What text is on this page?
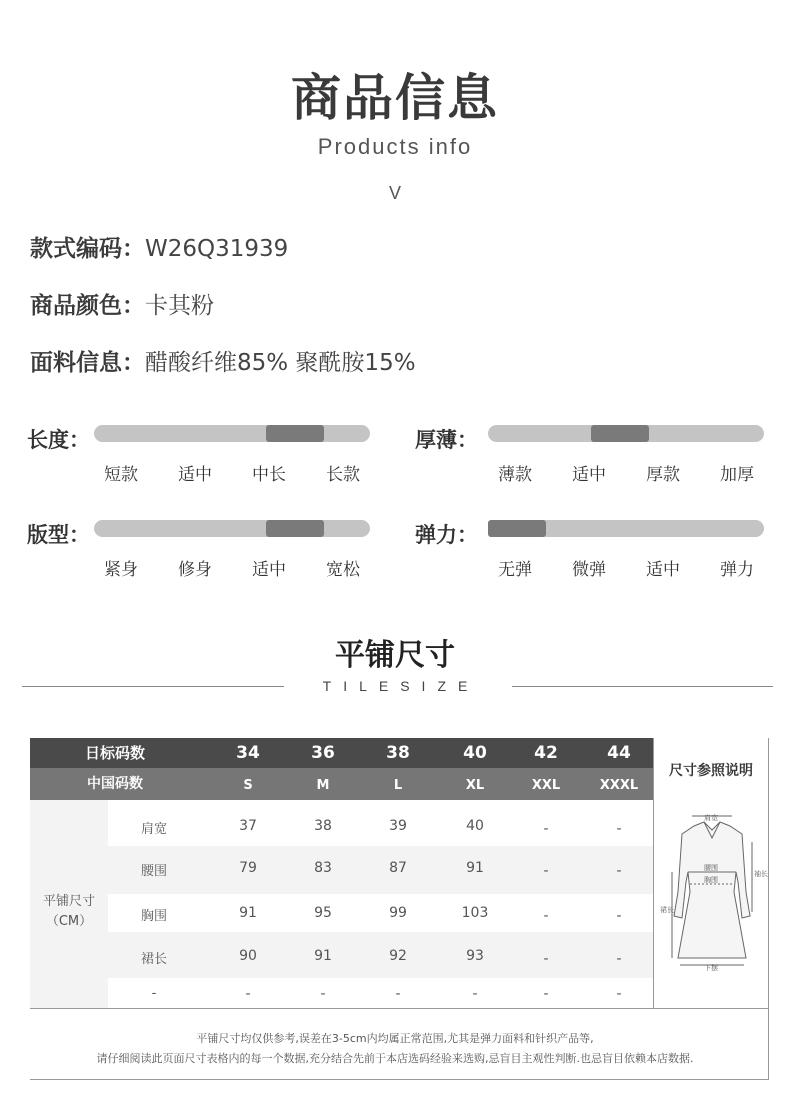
商品信息
Products info
V
款式编码：W26Q31939
商品颜色：卡其粉
面料信息：醋酸纤维85% 聚酰胺15%
长度：
短款	适中	中长	长款
厚薄：
薄款	适中	厚款	加厚
版型：
紧身	修身	适中	宽松
弹力：
无弹	微弹	适中	弹力
平铺尺寸
TILESIZE
日标码数
中国码数
平铺尺寸
（CM）
尺寸参照说明
肩宽
腰围
胸围
袖长
裙长
下摆
34	36	38	40	42	44
S	M	L	XL	XXL	XXXL
肩宽	37	38	39	40	-	-
腰围	79	83	87	91	-	-
胸围	91	95	99	103	-	-
裙长	90	91	92	93	-	-
-	-	-	-	-	-	-
平铺尺寸均仅供参考,误差在3-5cm内均属正常范围,尤其是弹力面料和针织产品等,
请仔细阅读此页面尺寸表格内的每一个数据,充分结合先前于本店选码经验来选购,忌盲目主观性判断.也忌盲目依赖本店数据.
